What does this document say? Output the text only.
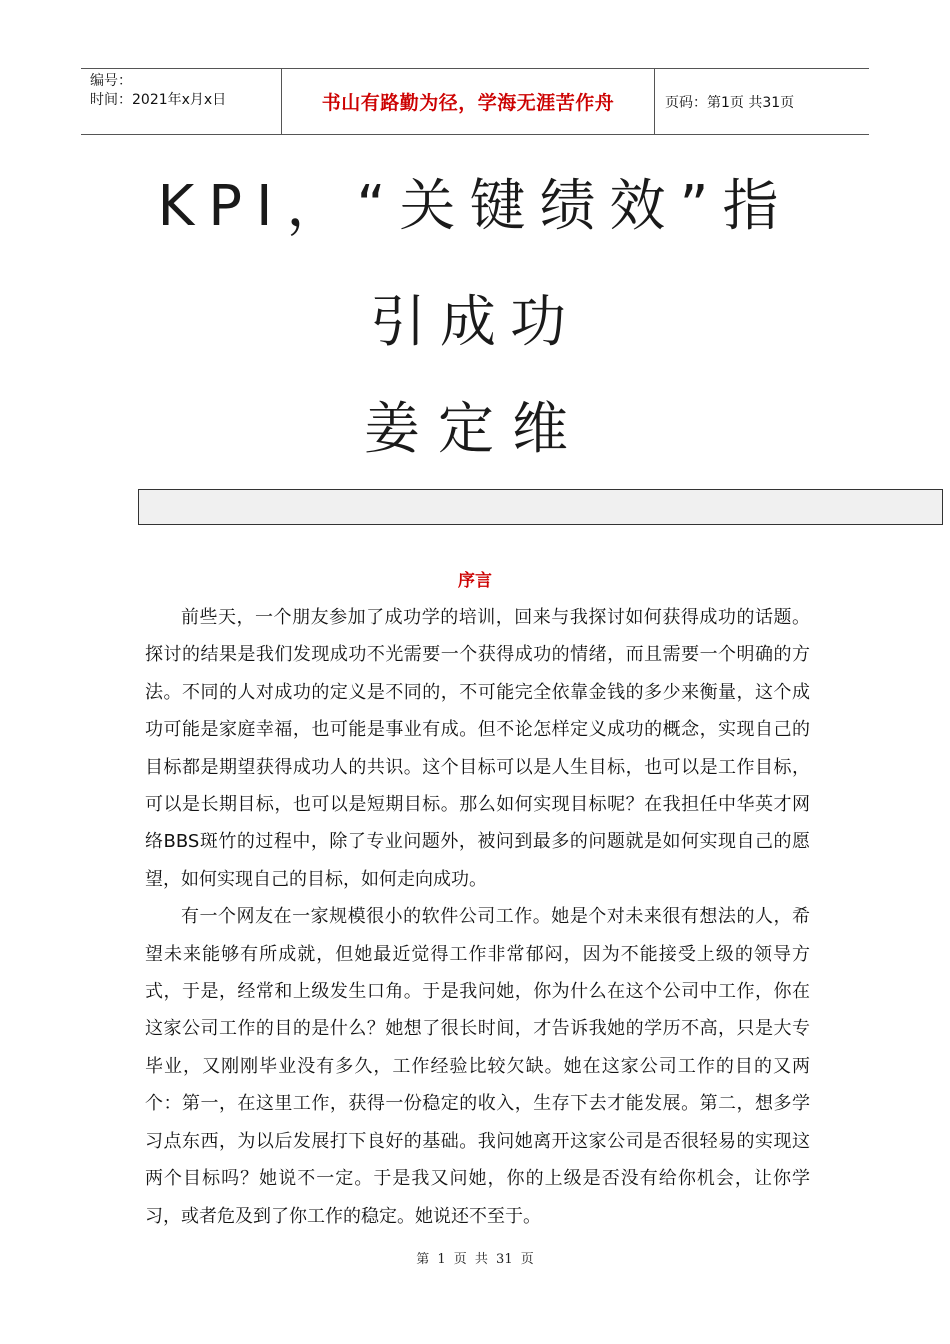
编号：
时间：2021年x月x日	书山有路勤为径，学海无涯苦作舟	页码：第1页 共31页
KPI，“关键绩效”指
引成功
姜定维
序言

前些天，一个朋友参加了成功学的培训，回来与我探讨如何获得成功的话题。探讨的结果是我们发现成功不光需要一个获得成功的情绪，而且需要一个明确的方法。不同的人对成功的定义是不同的，不可能完全依靠金钱的多少来衡量，这个成功可能是家庭幸福，也可能是事业有成。但不论怎样定义成功的概念，实现自己的目标都是期望获得成功人的共识。这个目标可以是人生目标，也可以是工作目标，可以是长期目标，也可以是短期目标。那么如何实现目标呢？在我担任中华英才网络BBS斑竹的过程中，除了专业问题外，被问到最多的问题就是如何实现自己的愿望，如何实现自己的目标，如何走向成功。

有一个网友在一家规模很小的软件公司工作。她是个对未来很有想法的人，希望未来能够有所成就，但她最近觉得工作非常郁闷，因为不能接受上级的领导方式，于是，经常和上级发生口角。于是我问她，你为什么在这个公司中工作，你在这家公司工作的目的是什么？她想了很长时间，才告诉我她的学历不高，只是大专毕业，又刚刚毕业没有多久，工作经验比较欠缺。她在这家公司工作的目的又两个：第一，在这里工作，获得一份稳定的收入，生存下去才能发展。第二，想多学习点东西，为以后发展打下良好的基础。我问她离开这家公司是否很轻易的实现这两个目标吗？她说不一定。于是我又问她，你的上级是否没有给你机会，让你学习，或者危及到了你工作的稳定。她说还不至于。

第 1 页 共 31 页
